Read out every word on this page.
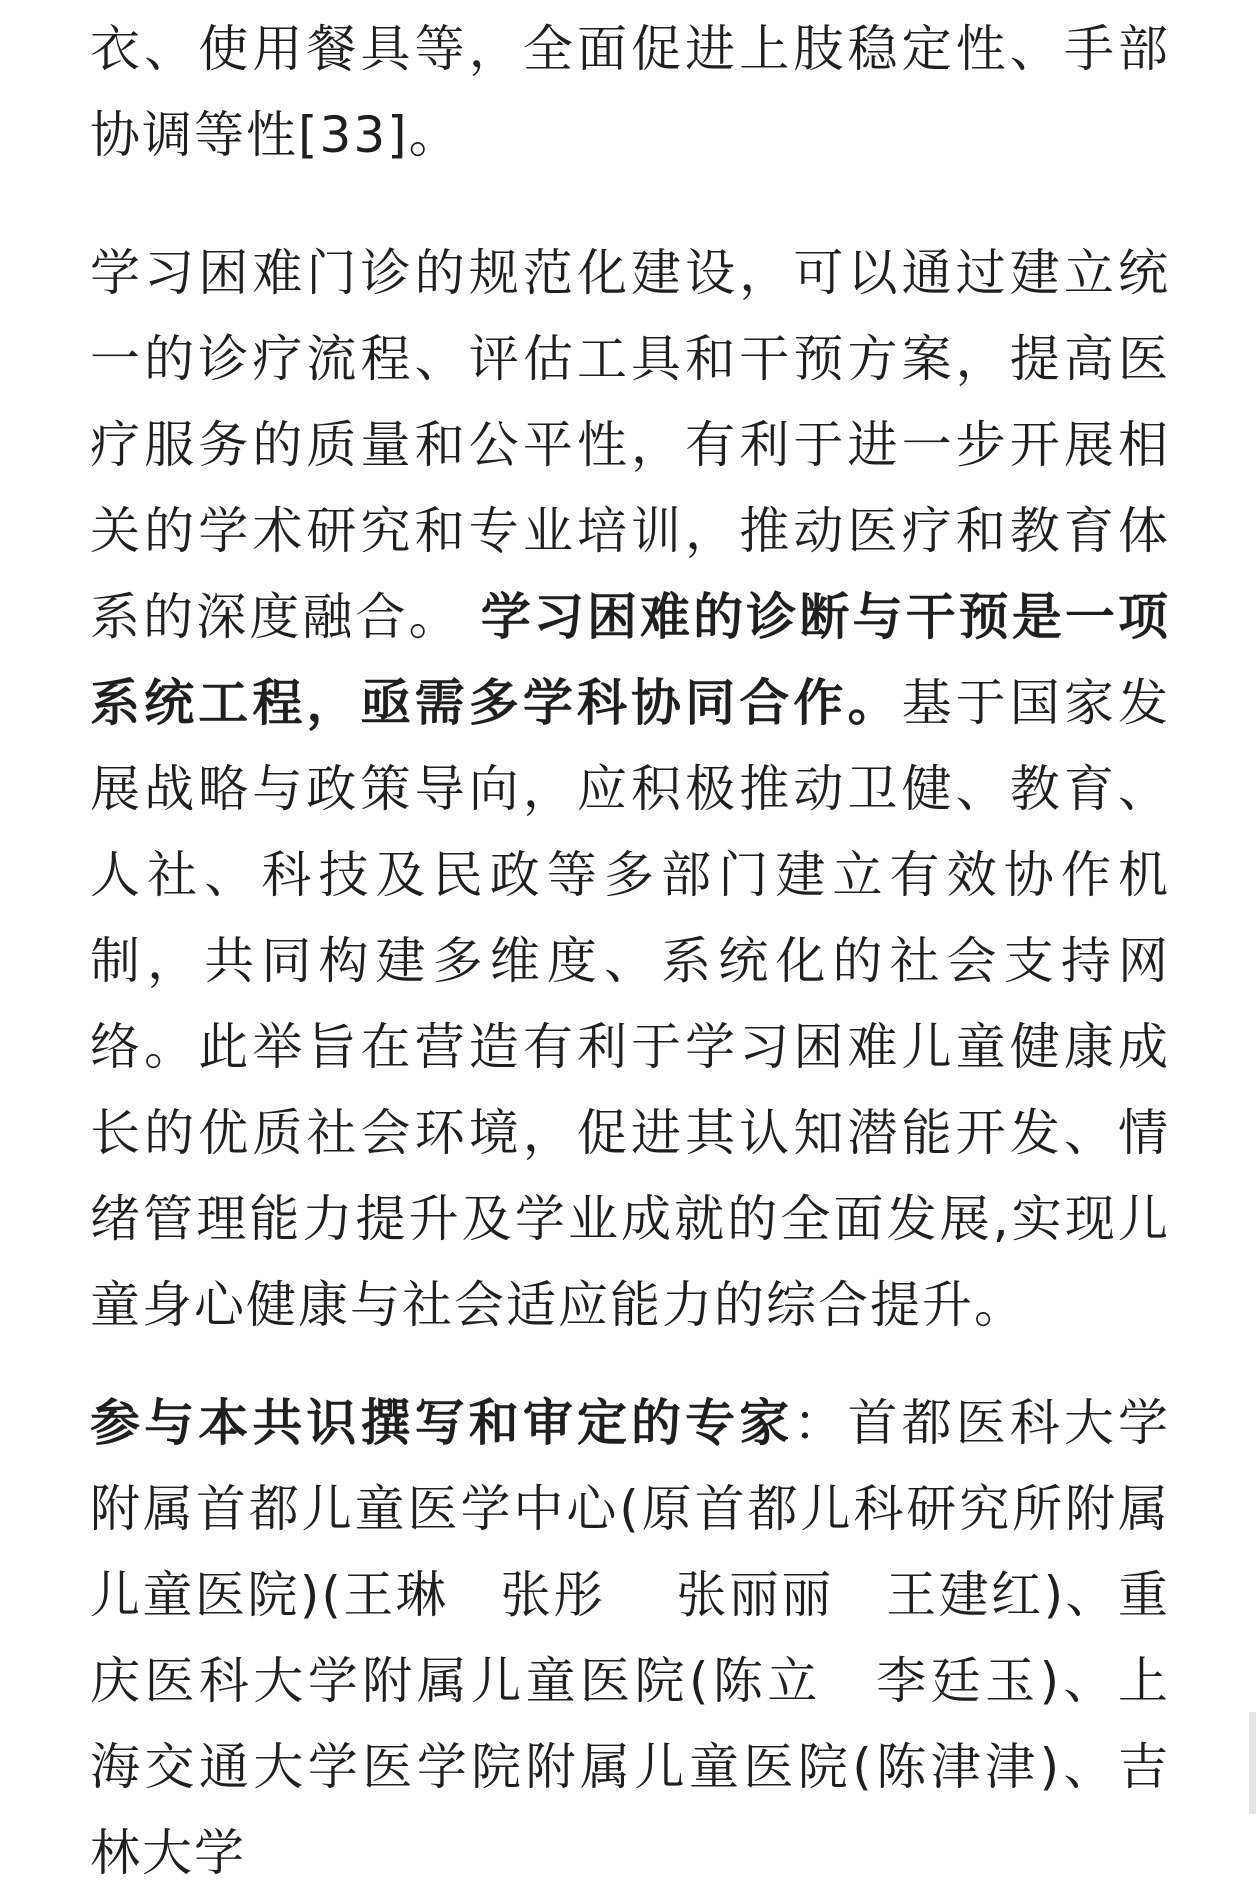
衣、使用餐具等，全面促进上肢稳定性、手部协调等性[33]。

学习困难门诊的规范化建设，可以通过建立统一的诊疗流程、评估工具和干预方案，提高医疗服务的质量和公平性，有利于进一步开展相关的学术研究和专业培训，推动医疗和教育体系的深度融合。 学习困难的诊断与干预是一项系统工程，亟需多学科协同合作。基于国家发展战略与政策导向，应积极推动卫健、教育、人社、科技及民政等多部门建立有效协作机制，共同构建多维度、系统化的社会支持网络。此举旨在营造有利于学习困难儿童健康成长的优质社会环境，促进其认知潜能开发、情绪管理能力提升及学业成就的全面发展,实现儿童身心健康与社会适应能力的综合提升。

参与本共识撰写和审定的专家：首都医科大学附属首都儿童医学中心(原首都儿科研究所附属儿童医院)(王琳　张彤　 张丽丽　王建红)、重庆医科大学附属儿童医院(陈立　李廷玉)、上海交通大学医学院附属儿童医院(陈津津)、吉林大学
